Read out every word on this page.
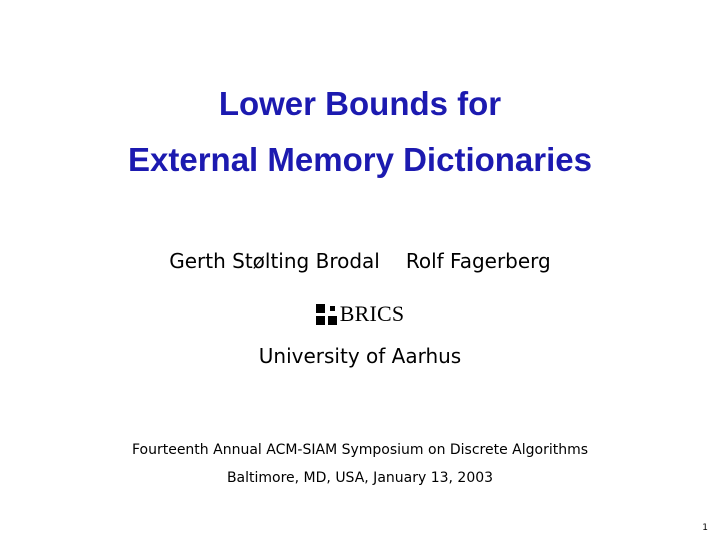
Lower Bounds for
External Memory Dictionaries
Gerth Stølting Brodal Rolf Fagerberg
BRICS
University of Aarhus
Fourteenth Annual ACM-SIAM Symposium on Discrete Algorithms
Baltimore, MD, USA, January 13, 2003
1
